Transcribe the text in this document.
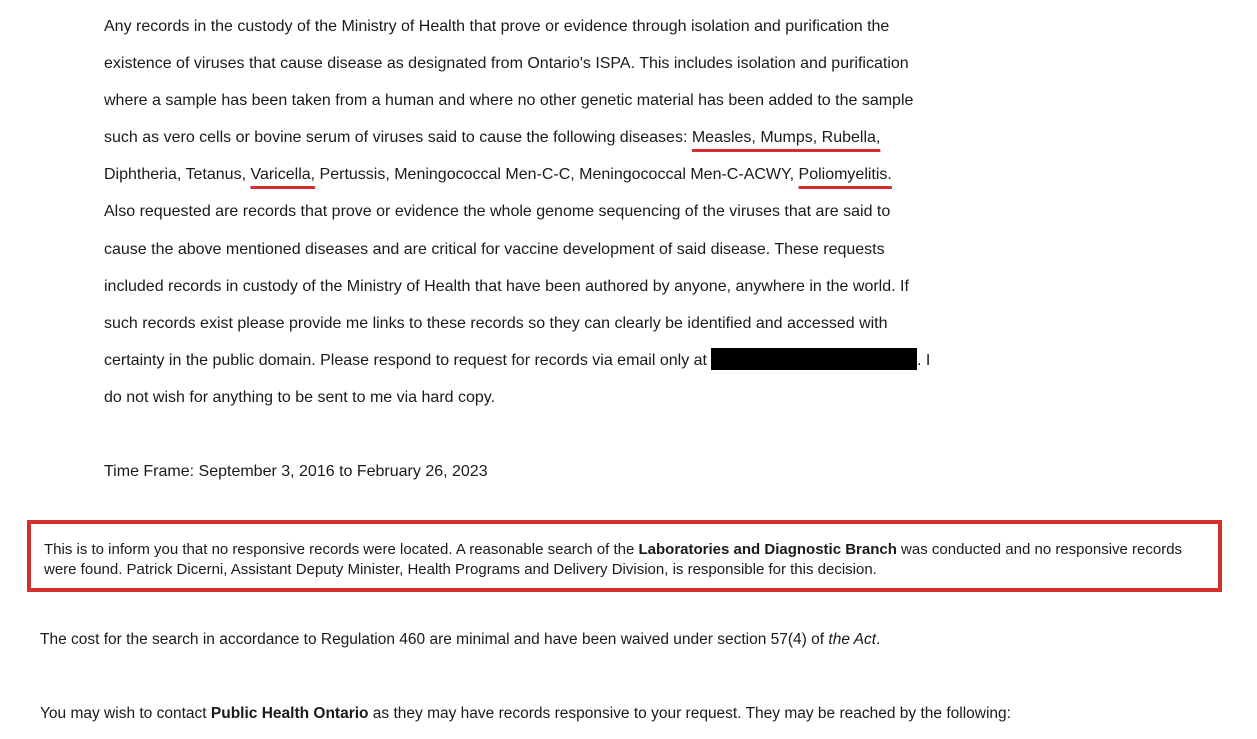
Any records in the custody of the Ministry of Health that prove or evidence through isolation and purification the
existence of viruses that cause disease as designated from Ontario's ISPA. This includes isolation and purification
where a sample has been taken from a human and where no other genetic material has been added to the sample
such as vero cells or bovine serum of viruses said to cause the following diseases: Measles, Mumps, Rubella,
Diphtheria, Tetanus, Varicella, Pertussis, Meningococcal Men-C-C, Meningococcal Men-C-ACWY, Poliomyelitis.
Also requested are records that prove or evidence the whole genome sequencing of the viruses that are said to
cause the above mentioned diseases and are critical for vaccine development of said disease. These requests
included records in custody of the Ministry of Health that have been authored by anyone, anywhere in the world. If
such records exist please provide me links to these records so they can clearly be identified and accessed with
certainty in the public domain. Please respond to request for records via email only at	. I
do not wish for anything to be sent to me via hard copy.
Time Frame: September 3, 2016 to February 26, 2023
This is to inform you that no responsive records were located. A reasonable search of the Laboratories and Diagnostic Branch was conducted and no responsive records were found. Patrick Dicerni, Assistant Deputy Minister, Health Programs and Delivery Division, is responsible for this decision.
The cost for the search in accordance to Regulation 460 are minimal and have been waived under section 57(4) of the Act.
You may wish to contact Public Health Ontario as they may have records responsive to your request. They may be reached by the following:
